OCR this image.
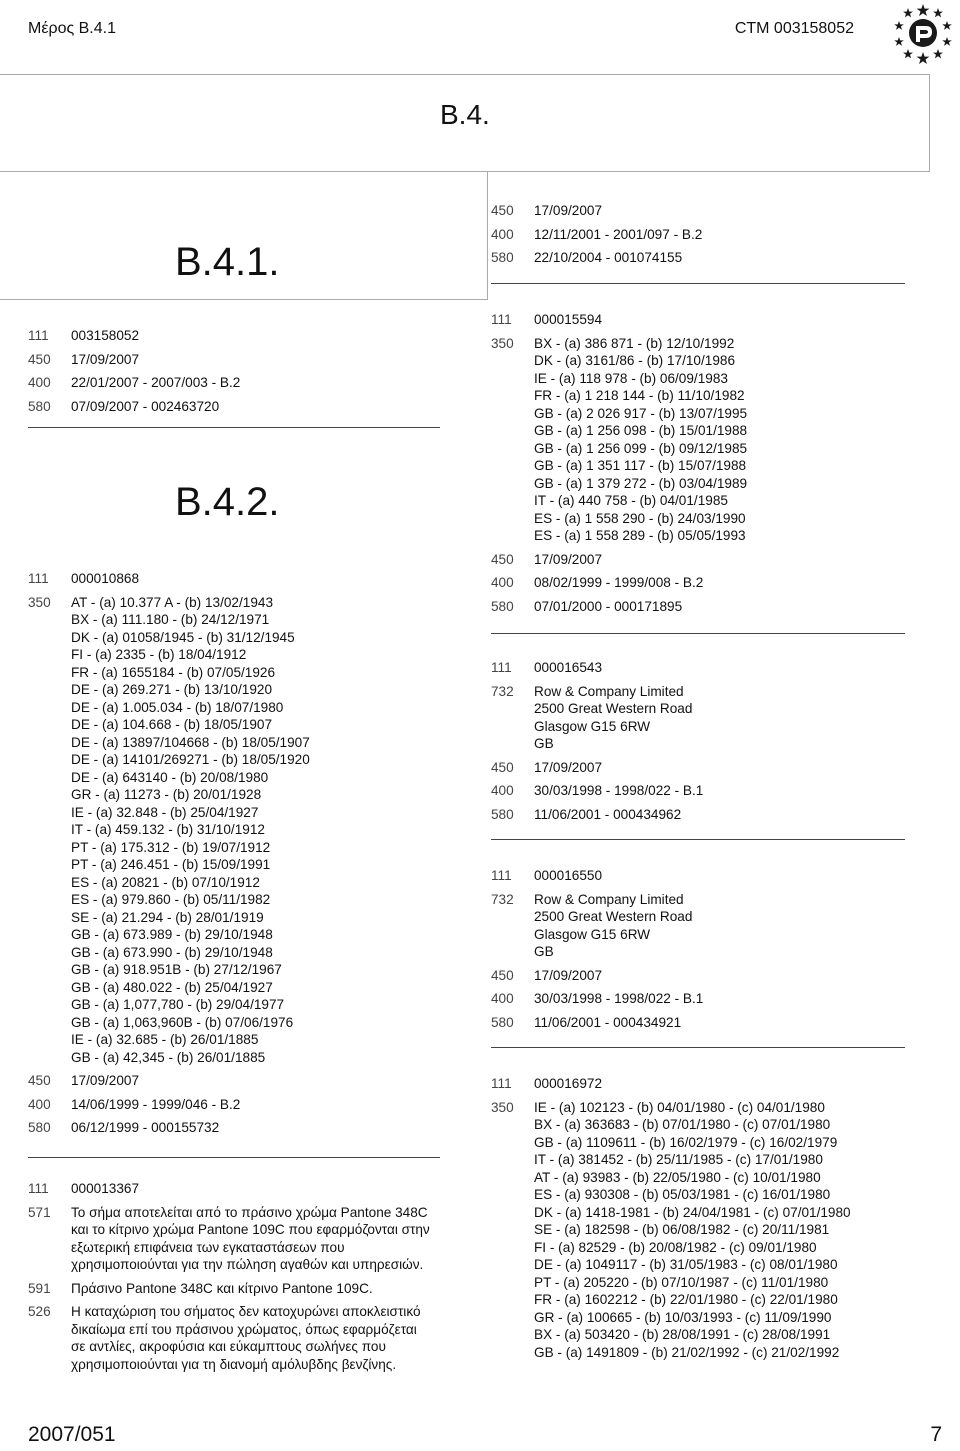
Μέρος Β.4.1	CTM 003158052
Β.4.
Β.4.1.
111	003158052
450	17/09/2007
400	22/01/2007 - 2007/003 - B.2
580	07/09/2007 - 002463720
Β.4.2.
111	000010868
350	AT - (a) 10.377 A - (b) 13/02/1943
BX - (a) 111.180 - (b) 24/12/1971
DK - (a) 01058/1945 - (b) 31/12/1945
FI - (a) 2335 - (b) 18/04/1912
FR - (a) 1655184 - (b) 07/05/1926
DE - (a) 269.271 - (b) 13/10/1920
DE - (a) 1.005.034 - (b) 18/07/1980
DE - (a) 104.668 - (b) 18/05/1907
DE - (a) 13897/104668 - (b) 18/05/1907
DE - (a) 14101/269271 - (b) 18/05/1920
DE - (a) 643140 - (b) 20/08/1980
GR - (a) 11273 - (b) 20/01/1928
IE - (a) 32.848 - (b) 25/04/1927
IT - (a) 459.132 - (b) 31/10/1912
PT - (a) 175.312 - (b) 19/07/1912
PT - (a) 246.451 - (b) 15/09/1991
ES - (a) 20821 - (b) 07/10/1912
ES - (a) 979.860 - (b) 05/11/1982
SE - (a) 21.294 - (b) 28/01/1919
GB - (a) 673.989 - (b) 29/10/1948
GB - (a) 673.990 - (b) 29/10/1948
GB - (a) 918.951B - (b) 27/12/1967
GB - (a) 480.022 - (b) 25/04/1927
GB - (a) 1,077,780 - (b) 29/04/1977
GB - (a) 1,063,960B - (b) 07/06/1976
IE - (a) 32.685 - (b) 26/01/1885
GB - (a) 42,345 - (b) 26/01/1885
450	17/09/2007
400	14/06/1999 - 1999/046 - B.2
580	06/12/1999 - 000155732
111	000013367
571	Το σήμα αποτελείται από το πράσινο χρώμα Pantone 348C
και το κίτρινο χρώμα Pantone 109C που εφαρμόζονται στην
εξωτερική επιφάνεια των εγκαταστάσεων που
χρησιμοποιούνται για την πώληση αγαθών και υπηρεσιών.
591	Πράσινο Pantone 348C και κίτρινο Pantone 109C.
526	Η καταχώριση του σήματος δεν κατοχυρώνει αποκλειστικό
δικαίωμα επί του πράσινου χρώματος, όπως εφαρμόζεται
σε αντλίες, ακροφύσια και εύκαμπτους σωλήνες που
χρησιμοποιούνται για τη διανομή αμόλυβδης βενζίνης.
450	17/09/2007
400	12/11/2001 - 2001/097 - B.2
580	22/10/2004 - 001074155
111	000015594
350	BX - (a) 386 871 - (b) 12/10/1992
DK - (a) 3161/86 - (b) 17/10/1986
IE - (a) 118 978 - (b) 06/09/1983
FR - (a) 1 218 144 - (b) 11/10/1982
GB - (a) 2 026 917 - (b) 13/07/1995
GB - (a) 1 256 098 - (b) 15/01/1988
GB - (a) 1 256 099 - (b) 09/12/1985
GB - (a) 1 351 117 - (b) 15/07/1988
GB - (a) 1 379 272 - (b) 03/04/1989
IT - (a) 440 758 - (b) 04/01/1985
ES - (a) 1 558 290 - (b) 24/03/1990
ES - (a) 1 558 289 - (b) 05/05/1993
450	17/09/2007
400	08/02/1999 - 1999/008 - B.2
580	07/01/2000 - 000171895
111	000016543
732	Row & Company Limited
2500 Great Western Road
Glasgow G15 6RW
GB
450	17/09/2007
400	30/03/1998 - 1998/022 - B.1
580	11/06/2001 - 000434962
111	000016550
732	Row & Company Limited
2500 Great Western Road
Glasgow G15 6RW
GB
450	17/09/2007
400	30/03/1998 - 1998/022 - B.1
580	11/06/2001 - 000434921
111	000016972
350	IE - (a) 102123 - (b) 04/01/1980 - (c) 04/01/1980
BX - (a) 363683 - (b) 07/01/1980 - (c) 07/01/1980
GB - (a) 1109611 - (b) 16/02/1979 - (c) 16/02/1979
IT - (a) 381452 - (b) 25/11/1985 - (c) 17/01/1980
AT - (a) 93983 - (b) 22/05/1980 - (c) 10/01/1980
ES - (a) 930308 - (b) 05/03/1981 - (c) 16/01/1980
DK - (a) 1418-1981 - (b) 24/04/1981 - (c) 07/01/1980
SE - (a) 182598 - (b) 06/08/1982 - (c) 20/11/1981
FI - (a) 82529 - (b) 20/08/1982 - (c) 09/01/1980
DE - (a) 1049117 - (b) 31/05/1983 - (c) 08/01/1980
PT - (a) 205220 - (b) 07/10/1987 - (c) 11/01/1980
FR - (a) 1602212 - (b) 22/01/1980 - (c) 22/01/1980
GR - (a) 100665 - (b) 10/03/1993 - (c) 11/09/1990
BX - (a) 503420 - (b) 28/08/1991 - (c) 28/08/1991
GB - (a) 1491809 - (b) 21/02/1992 - (c) 21/02/1992
2007/051	7
